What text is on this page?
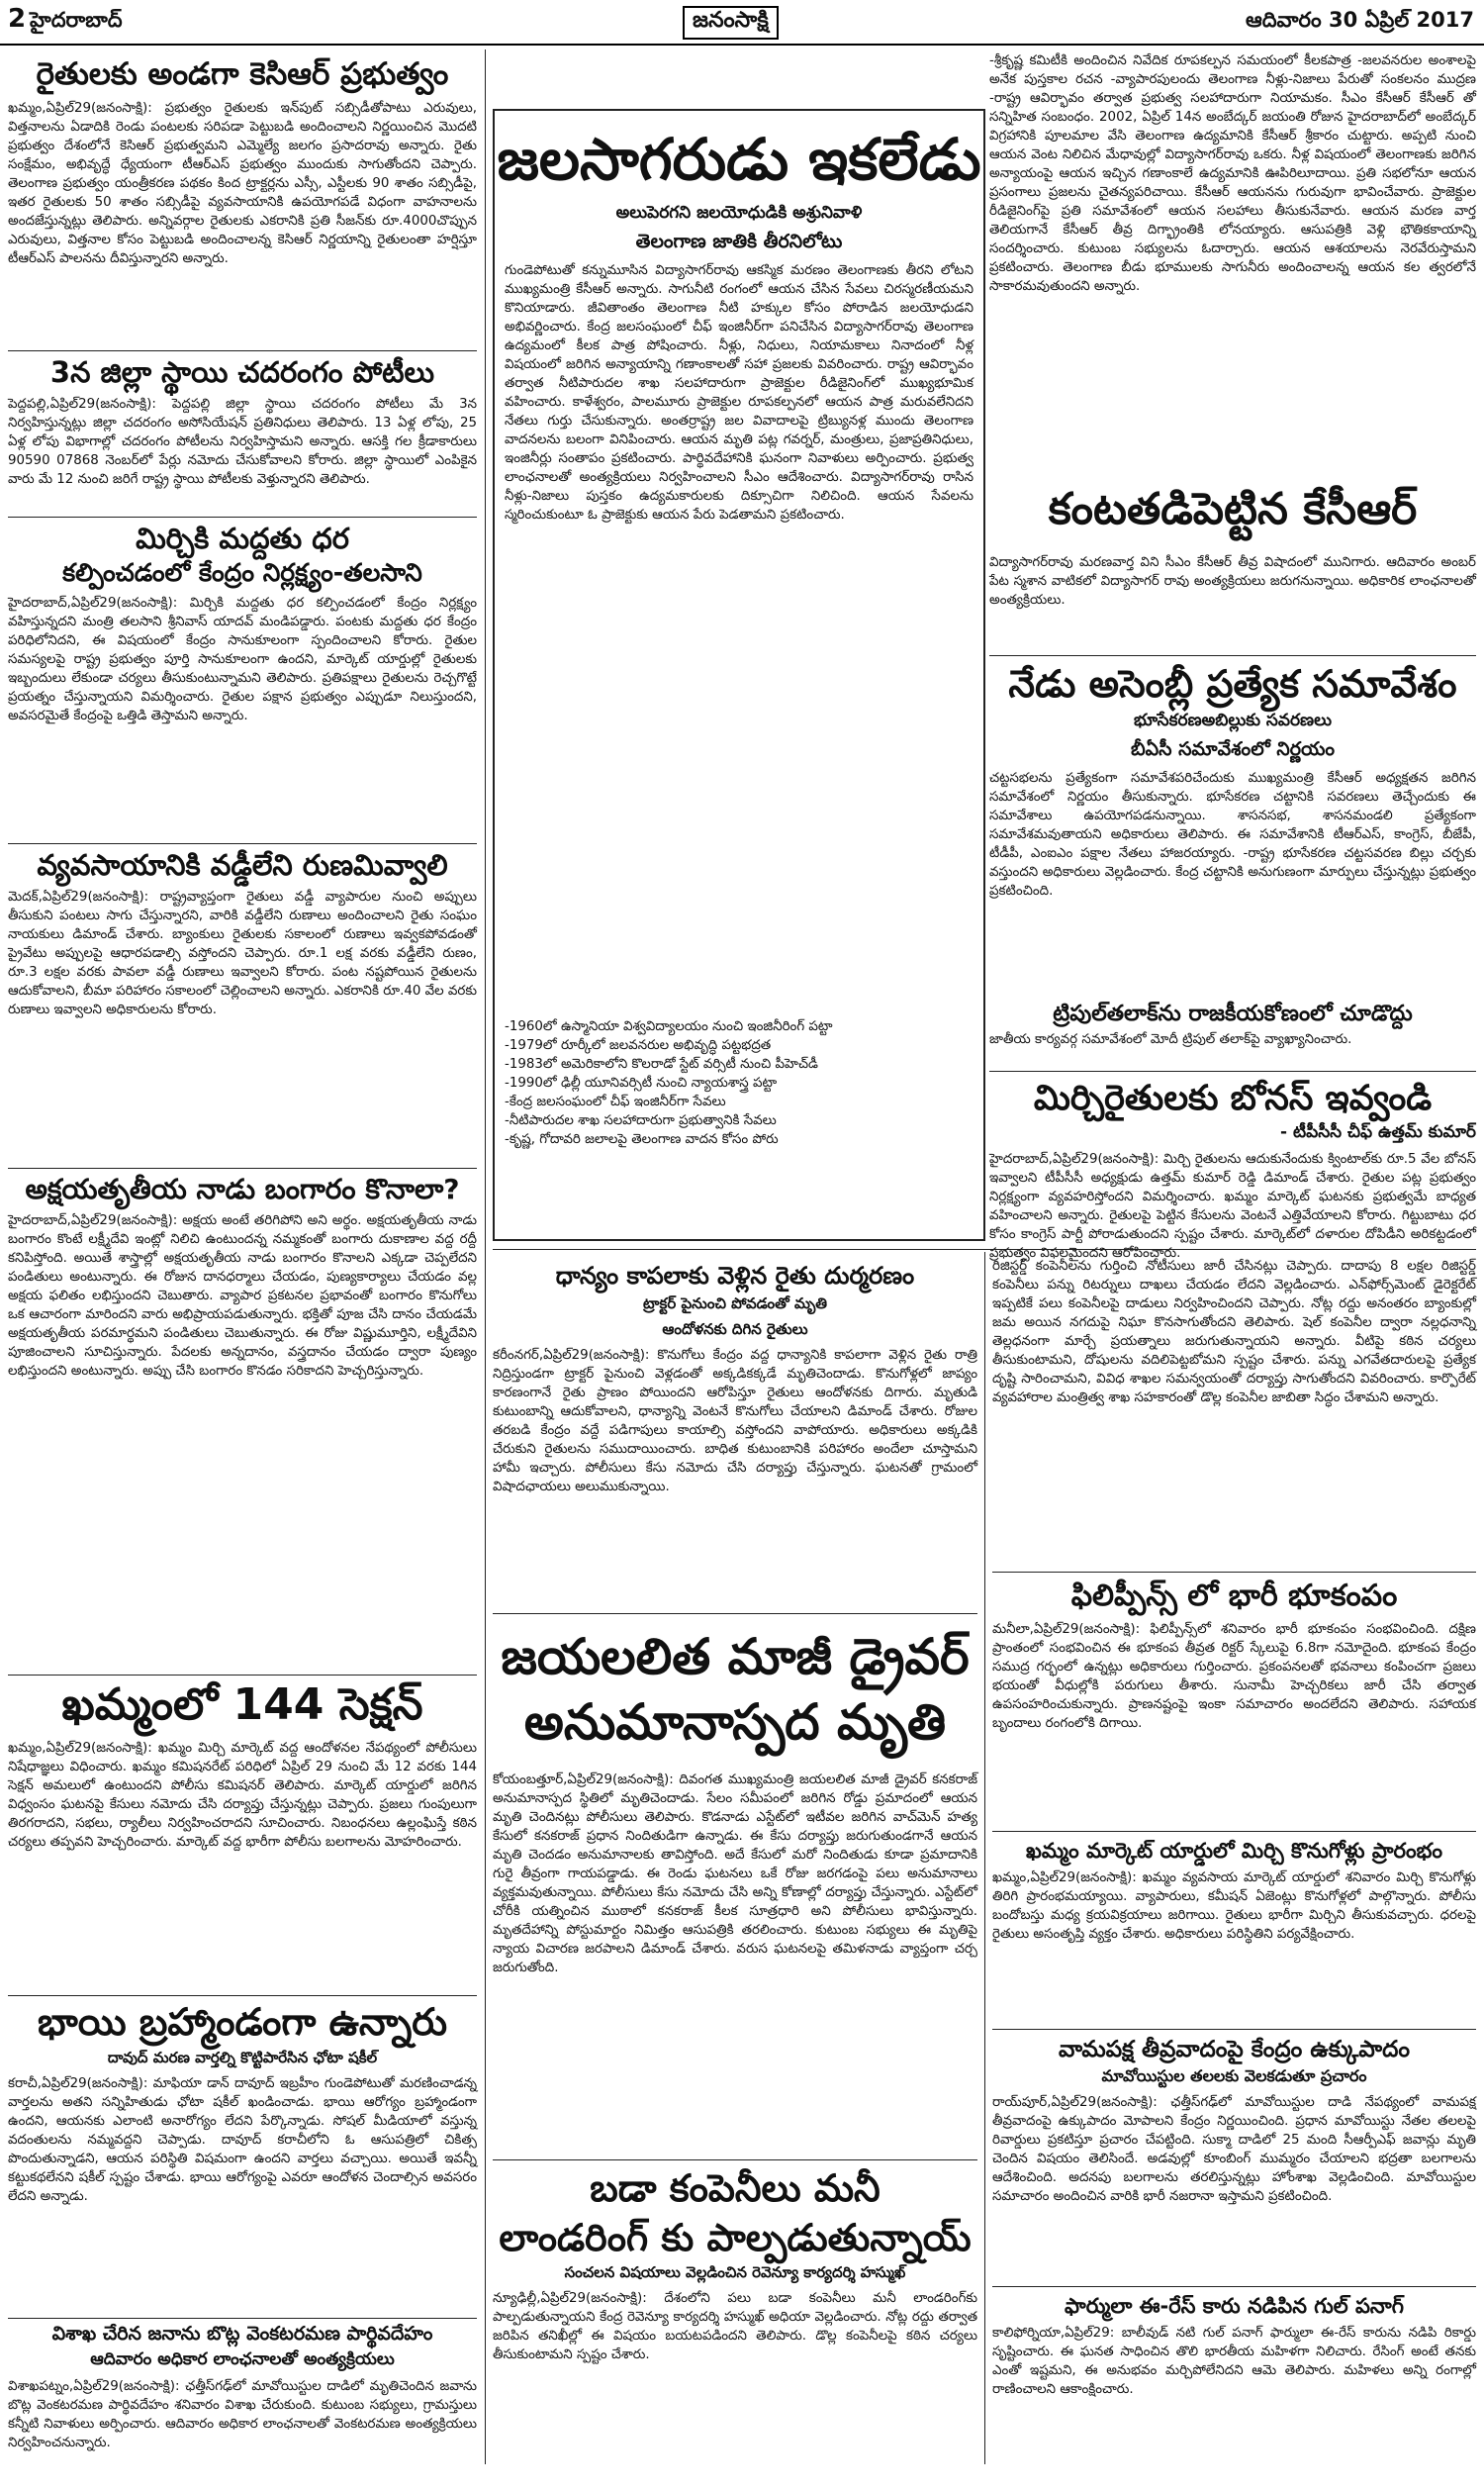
2 హైదరాబాద్	జనంసాక్షి	ఆదివారం 30 ఏప్రిల్ 2017
రైతులకు అండగా కెసిఆర్ ప్రభుత్వం

ఖమ్మం,ఏప్రిల్29(జనంసాక్షి): ప్రభుత్వం రైతులకు ఇన్‌పుట్ సబ్సిడీతోపాటు ఎరువులు, విత్తనాలను ఏడాదికి రెండు పంటలకు సరిపడా పెట్టుబడి అందించాలని నిర్ణయించిన మొదటి ప్రభుత్వం దేశంలోనే కెసిఆర్ ప్రభుత్వమని ఎమ్మెల్యే జలగం ప్రసాదరావు అన్నారు. రైతు సంక్షేమం, అభివృద్ధే ధ్యేయంగా టీఆర్‌ఎస్‌ ప్రభుత్వం ముందుకు సాగుతోందని చెప్పారు. తెలంగాణ ప్రభుత్వం యంత్రీకరణ పథకం కింద ట్రాక్టర్లను ఎస్సీ, ఎస్టీలకు 90 శాతం సబ్సిడీపై, ఇతర రైతులకు 50 శాతం సబ్సిడీపై వ్యవసాయానికి ఉపయోగపడే విధంగా వాహనాలను అందజేస్తున్నట్లు తెలిపారు. అన్నివర్గాల రైతులకు ఎకరానికి ప్రతి సీజన్‌కు రూ.4000చొప్పున ఎరువులు, విత్తనాల కోసం పెట్టుబడి అందించాలన్న కెసిఆర్ నిర్ణయాన్ని రైతులంతా హర్షిస్తూ టీఆర్‌ఎస్‌ పాలనను దీవిస్తున్నారని అన్నారు.

3న జిల్లా స్థాయి చదరంగం పోటీలు

పెద్దపల్లి,ఏప్రిల్29(జనంసాక్షి): పెద్దపల్లి జిల్లా స్థాయి చదరంగం పోటీలు మే 3న నిర్వహిస్తున్నట్లు జిల్లా చదరంగం అసోసియేషన్ ప్రతినిధులు తెలిపారు. 13 ఏళ్ల లోపు, 25 ఏళ్ల లోపు విభాగాల్లో చదరంగం పోటీలను నిర్వహిస్తామని అన్నారు. ఆసక్తి గల క్రీడాకారులు 90590 07868 నెంబర్‌లో పేర్లు నమోదు చేసుకోవాలని కోరారు. జిల్లా స్థాయిలో ఎంపికైన వారు మే 12 నుంచి జరిగే రాష్ట్ర స్థాయి పోటీలకు వెళ్తున్నారని తెలిపారు.

మిర్చికి మద్దతు ధర
కల్పించడంలో కేంద్రం నిర్లక్ష్యం-తలసాని

హైదరాబాద్,ఏప్రిల్29(జనంసాక్షి): మిర్చికి మద్దతు ధర కల్పించడంలో కేంద్రం నిర్లక్ష్యం వహిస్తున్నదని మంత్రి తలసాని శ్రీనివాస్ యాదవ్ మండిపడ్డారు. పంటకు మద్దతు ధర కేంద్రం పరిధిలోనిదని, ఈ విషయంలో కేంద్రం సానుకూలంగా స్పందించాలని కోరారు. రైతుల సమస్యలపై రాష్ట్ర ప్రభుత్వం పూర్తి సానుకూలంగా ఉందని, మార్కెట్‌ యార్డుల్లో రైతులకు ఇబ్బందులు లేకుండా చర్యలు తీసుకుంటున్నామని తెలిపారు. ప్రతిపక్షాలు రైతులను రెచ్చగొట్టే ప్రయత్నం చేస్తున్నాయని విమర్శించారు. రైతుల పక్షాన ప్రభుత్వం ఎప్పుడూ నిలుస్తుందని, అవసరమైతే కేంద్రంపై ఒత్తిడి తెస్తామని అన్నారు.

వ్యవసాయానికి వడ్డీలేని రుణమివ్వాలి

మెదక్,ఏప్రిల్29(జనంసాక్షి): రాష్ట్రవ్యాప్తంగా రైతులు వడ్డీ వ్యాపారుల నుంచి అప్పులు తీసుకుని పంటలు సాగు చేస్తున్నారని, వారికి వడ్డీలేని రుణాలు అందించాలని రైతు సంఘం నాయకులు డిమాండ్ చేశారు. బ్యాంకులు రైతులకు సకాలంలో రుణాలు ఇవ్వకపోవడంతో ప్రైవేటు అప్పులపై ఆధారపడాల్సి వస్తోందని చెప్పారు. రూ.1 లక్ష వరకు వడ్డీలేని రుణం, రూ.3 లక్షల వరకు పావలా వడ్డీ రుణాలు ఇవ్వాలని కోరారు. పంట నష్టపోయిన రైతులను ఆదుకోవాలని, బీమా పరిహారం సకాలంలో చెల్లించాలని అన్నారు. ఎకరానికి రూ.40 వేల వరకు రుణాలు ఇవ్వాలని అధికారులను కోరారు.

అక్షయతృతీయ నాడు బంగారం కొనాలా?

హైదరాబాద్,ఏప్రిల్29(జనంసాక్షి): అక్షయ అంటే తరిగిపోని అని అర్థం. అక్షయతృతీయ నాడు బంగారం కొంటే లక్ష్మీదేవి ఇంట్లో నిలిచి ఉంటుందన్న నమ్మకంతో బంగారు దుకాణాల వద్ద రద్దీ కనిపిస్తోంది. అయితే శాస్త్రాల్లో అక్షయతృతీయ నాడు బంగారం కొనాలని ఎక్కడా చెప్పలేదని పండితులు అంటున్నారు. ఈ రోజున దానధర్మాలు చేయడం, పుణ్యకార్యాలు చేయడం వల్ల అక్షయ ఫలితం లభిస్తుందని చెబుతారు. వ్యాపార ప్రకటనల ప్రభావంతో బంగారం కొనుగోలు ఒక ఆచారంగా మారిందని వారు అభిప్రాయపడుతున్నారు. భక్తితో పూజ చేసి దానం చేయడమే అక్షయతృతీయ పరమార్థమని పండితులు చెబుతున్నారు. ఈ రోజు విష్ణుమూర్తిని, లక్ష్మీదేవిని పూజించాలని సూచిస్తున్నారు. పేదలకు అన్నదానం, వస్త్రదానం చేయడం ద్వారా పుణ్యం లభిస్తుందని అంటున్నారు. అప్పు చేసి బంగారం కొనడం సరికాదని హెచ్చరిస్తున్నారు.

ఖమ్మంలో 144 సెక్షన్

ఖమ్మం,ఏప్రిల్29(జనంసాక్షి): ఖమ్మం మిర్చి మార్కెట్ వద్ద ఆందోళనల నేపథ్యంలో పోలీసులు నిషేధాజ్ఞలు విధించారు. ఖమ్మం కమిషనరేట్ పరిధిలో ఏప్రిల్ 29 నుంచి మే 12 వరకు 144 సెక్షన్ అమలులో ఉంటుందని పోలీసు కమిషనర్ తెలిపారు. మార్కెట్ యార్డులో జరిగిన విధ్వంసం ఘటనపై కేసులు నమోదు చేసి దర్యాప్తు చేస్తున్నట్లు చెప్పారు. ప్రజలు గుంపులుగా తిరగరాదని, సభలు, ర్యాలీలు నిర్వహించరాదని సూచించారు. నిబంధనలు ఉల్లంఘిస్తే కఠిన చర్యలు తప్పవని హెచ్చరించారు. మార్కెట్ వద్ద భారీగా పోలీసు బలగాలను మోహరించారు.

భాయి బ్రహ్మాండంగా ఉన్నారు
దావుద్ మరణ వార్తల్ని కొట్టిపారేసిన ఛోటా షకీల్

కరాచీ,ఏప్రిల్29(జనంసాక్షి): మాఫియా డాన్ దావూద్ ఇబ్రహీం గుండెపోటుతో మరణించాడన్న వార్తలను అతని సన్నిహితుడు ఛోటా షకీల్ ఖండించాడు. భాయి ఆరోగ్యం బ్రహ్మాండంగా ఉందని, ఆయనకు ఎలాంటి అనారోగ్యం లేదని పేర్కొన్నాడు. సోషల్ మీడియాలో వస్తున్న వదంతులను నమ్మవద్దని చెప్పాడు. దావూద్ కరాచీలోని ఓ ఆసుపత్రిలో చికిత్స పొందుతున్నాడని, ఆయన పరిస్థితి విషమంగా ఉందని వార్తలు వచ్చాయి. అయితే ఇవన్నీ కట్టుకథలేనని షకీల్ స్పష్టం చేశాడు. భాయి ఆరోగ్యంపై ఎవరూ ఆందోళన చెందాల్సిన అవసరం లేదని అన్నాడు.

విశాఖ చేరిన జనాను బొట్ల వెంకటరమణ పార్థివదేహం
ఆదివారం అధికార లాంఛనాలతో అంత్యక్రియలు

విశాఖపట్నం,ఏప్రిల్29(జనంసాక్షి): ఛత్తీస్‌గఢ్‌లో మావోయిస్టుల దాడిలో మృతిచెందిన జవాను బొట్ల వెంకటరమణ పార్థివదేహం శనివారం విశాఖ చేరుకుంది. కుటుంబ సభ్యులు, గ్రామస్తులు కన్నీటి నివాళులు అర్పించారు. ఆదివారం అధికార లాంఛనాలతో వెంకటరమణ అంత్యక్రియలు నిర్వహించనున్నారు.

జలసాగరుడు ఇకలేడు
అలుపెరగని జలయోధుడికి అశ్రునివాళి
తెలంగాణ జాతికి తీరనిలోటు

గుండెపోటుతో కన్నుమూసిన విద్యాసాగర్‌రావు ఆకస్మిక మరణం తెలంగాణకు తీరని లోటని ముఖ్యమంత్రి కేసీఆర్ అన్నారు. సాగునీటి రంగంలో ఆయన చేసిన సేవలు చిరస్మరణీయమని కొనియాడారు. జీవితాంతం తెలంగాణ నీటి హక్కుల కోసం పోరాడిన జలయోధుడని అభివర్ణించారు. కేంద్ర జలసంఘంలో చీఫ్ ఇంజినీర్‌గా పనిచేసిన విద్యాసాగర్‌రావు తెలంగాణ ఉద్యమంలో కీలక పాత్ర పోషించారు. నీళ్లు, నిధులు, నియామకాలు నినాదంలో నీళ్ల విషయంలో జరిగిన అన్యాయాన్ని గణాంకాలతో సహా ప్రజలకు వివరించారు. రాష్ట్ర ఆవిర్భావం తర్వాత నీటిపారుదల శాఖ సలహాదారుగా ప్రాజెక్టుల రీడిజైనింగ్‌లో ముఖ్యభూమిక వహించారు. కాళేశ్వరం, పాలమూరు ప్రాజెక్టుల రూపకల్పనలో ఆయన పాత్ర మరువలేనిదని నేతలు గుర్తు చేసుకున్నారు. అంతర్రాష్ట్ర జల వివాదాలపై ట్రిబ్యునళ్ల ముందు తెలంగాణ వాదనలను బలంగా వినిపించారు. ఆయన మృతి పట్ల గవర్నర్, మంత్రులు, ప్రజాప్రతినిధులు, ఇంజినీర్లు సంతాపం ప్రకటించారు. పార్థివదేహానికి ఘనంగా నివాళులు అర్పించారు. ప్రభుత్వ లాంఛనాలతో అంత్యక్రియలు నిర్వహించాలని సీఎం ఆదేశించారు. విద్యాసాగర్‌రావు రాసిన నీళ్లు-నిజాలు పుస్తకం ఉద్యమకారులకు దిక్సూచిగా నిలిచింది. ఆయన సేవలను స్మరించుకుంటూ ఓ ప్రాజెక్టుకు ఆయన పేరు పెడతామని ప్రకటించారు.

-1960లో ఉస్మానియా విశ్వవిద్యాలయం నుంచి ఇంజినీరింగ్ పట్టా
-1979లో రూర్కీలో జలవనరుల అభివృద్ధి పట్టభద్రత
-1983లో అమెరికాలోని కొలరాడో స్టేట్ వర్సిటీ నుంచి పీహెచ్‌డీ
-1990లో ఢిల్లీ యూనివర్సిటీ నుంచి న్యాయశాస్త్ర పట్టా
-కేంద్ర జలసంఘంలో చీఫ్ ఇంజినీర్‌గా సేవలు
-నీటిపారుదల శాఖ సలహాదారుగా ప్రభుత్వానికి సేవలు
-కృష్ణ, గోదావరి జలాలపై తెలంగాణ వాదన కోసం పోరు

-శ్రీకృష్ణ కమిటీకి అందించిన నివేదిక రూపకల్పన సమయంలో కీలకపాత్ర -జలవనరుల అంశాలపై అనేక పుస్తకాల రచన -వ్యాపారపులందు తెలంగాణ నీళ్లు-నిజాలు పేరుతో సంకలనం ముద్రణ -రాష్ట్ర ఆవిర్భావం తర్వాత ప్రభుత్వ సలహాదారుగా నియామకం. సీఎం కేసీఆర్ కేసీఆర్ తో సన్నిహిత సంబంధం. 2002, ఏప్రిల్ 14న అంబేద్కర్ జయంతి రోజున హైదరాబాద్‌లో అంబేద్కర్ విగ్రహానికి పూలమాల వేసి తెలంగాణ ఉద్యమానికి కేసీఆర్ శ్రీకారం చుట్టారు. అప్పటి నుంచి ఆయన వెంట నిలిచిన మేధావుల్లో విద్యాసాగర్‌రావు ఒకరు. నీళ్ల విషయంలో తెలంగాణకు జరిగిన అన్యాయంపై ఆయన ఇచ్చిన గణాంకాలే ఉద్యమానికి ఊపిరిలూదాయి. ప్రతి సభలోనూ ఆయన ప్రసంగాలు ప్రజలను చైతన్యపరిచాయి. కేసీఆర్ ఆయనను గురువుగా భావించేవారు. ప్రాజెక్టుల రీడిజైనింగ్‌పై ప్రతి సమావేశంలో ఆయన సలహాలు తీసుకునేవారు. ఆయన మరణ వార్త తెలియగానే కేసీఆర్ తీవ్ర దిగ్భ్రాంతికి లోనయ్యారు. ఆసుపత్రికి వెళ్లి భౌతికకాయాన్ని సందర్శించారు. కుటుంబ సభ్యులను ఓదార్చారు. ఆయన ఆశయాలను నెరవేరుస్తామని ప్రకటించారు. తెలంగాణ బీడు భూములకు సాగునీరు అందించాలన్న ఆయన కల త్వరలోనే సాకారమవుతుందని అన్నారు.

కంటతడిపెట్టిన కేసీఆర్

విద్యాసాగర్‌రావు మరణవార్త విని సీఎం కేసీఆర్ తీవ్ర విషాదంలో మునిగారు. ఆదివారం అంబర్ పేట స్మశాన వాటికలో విద్యాసాగర్ రావు అంత్యక్రియలు జరుగనున్నాయి. అధికారిక లాంఛనాలతో అంత్యక్రియలు.

నేడు అసెంబ్లీ ప్రత్యేక సమావేశం
భూసేకరణఅబిల్లుకు సవరణలు
బీఏసీ సమావేశంలో నిర్ణయం

చట్టసభలను ప్రత్యేకంగా సమావేశపరిచేందుకు ముఖ్యమంత్రి కేసీఆర్ అధ్యక్షతన జరిగిన సమావేశంలో నిర్ణయం తీసుకున్నారు. భూసేకరణ చట్టానికి సవరణలు తెచ్చేందుకు ఈ సమావేశాలు ఉపయోగపడనున్నాయి. శాసనసభ, శాసనమండలి ప్రత్యేకంగా సమావేశమవుతాయని అధికారులు తెలిపారు. ఈ సమావేశానికి టీఆర్‌ఎస్, కాంగ్రెస్, బీజేపీ, టీడీపీ, ఎంఐఎం పక్షాల నేతలు హాజరయ్యారు. -రాష్ట్ర భూసేకరణ చట్టసవరణ బిల్లు చర్చకు వస్తుందని అధికారులు వెల్లడించారు. కేంద్ర చట్టానికి అనుగుణంగా మార్పులు చేస్తున్నట్లు ప్రభుత్వం ప్రకటించింది.

ట్రిపుల్‌తలాక్‌ను రాజకీయకోణంలో చూడొద్దు

జాతీయ కార్యవర్గ సమావేశంలో మోదీ ట్రిపుల్ తలాక్‌పై వ్యాఖ్యానించారు.

మిర్చిరైతులకు బోనస్ ఇవ్వండి
- టీపీసీసీ చీఫ్ ఉత్తమ్ కుమార్

హైదరాబాద్,ఏప్రిల్29(జనంసాక్షి): మిర్చి రైతులను ఆదుకునేందుకు క్వింటాల్‌కు రూ.5 వేల బోనస్ ఇవ్వాలని టీపీసీసీ అధ్యక్షుడు ఉత్తమ్ కుమార్ రెడ్డి డిమాండ్ చేశారు. రైతుల పట్ల ప్రభుత్వం నిర్లక్ష్యంగా వ్యవహరిస్తోందని విమర్శించారు. ఖమ్మం మార్కెట్ ఘటనకు ప్రభుత్వమే బాధ్యత వహించాలని అన్నారు. రైతులపై పెట్టిన కేసులను వెంటనే ఎత్తివేయాలని కోరారు. గిట్టుబాటు ధర కోసం కాంగ్రెస్ పార్టీ పోరాడుతుందని స్పష్టం చేశారు. మార్కెట్‌లో దళారుల దోపిడీని అరికట్టడంలో ప్రభుత్వం విఫలమైందని ఆరోపించారు.

ధాన్యం కాపలాకు వెళ్లిన రైతు దుర్మరణం
ట్రాక్టర్ పైనుంచి పోవడంతో మృతి
ఆందోళనకు దిగిన రైతులు

కరీంనగర్,ఏప్రిల్29(జనంసాక్షి): కొనుగోలు కేంద్రం వద్ద ధాన్యానికి కాపలాగా వెళ్లిన రైతు రాత్రి నిద్రిస్తుండగా ట్రాక్టర్ పైనుంచి వెళ్లడంతో అక్కడికక్కడే మృతిచెందాడు. కొనుగోళ్లలో జాప్యం కారణంగానే రైతు ప్రాణం పోయిందని ఆరోపిస్తూ రైతులు ఆందోళనకు దిగారు. మృతుడి కుటుంబాన్ని ఆదుకోవాలని, ధాన్యాన్ని వెంటనే కొనుగోలు చేయాలని డిమాండ్ చేశారు. రోజుల తరబడి కేంద్రం వద్దే పడిగాపులు కాయాల్సి వస్తోందని వాపోయారు. అధికారులు అక్కడికి చేరుకుని రైతులను సముదాయించారు. బాధిత కుటుంబానికి పరిహారం అందేలా చూస్తామని హామీ ఇచ్చారు. పోలీసులు కేసు నమోదు చేసి దర్యాప్తు చేస్తున్నారు. ఘటనతో గ్రామంలో విషాదఛాయలు అలుముకున్నాయి.

జయలలిత మాజీ డ్రైవర్
అనుమానాస్పద మృతి

కోయంబత్తూర్,ఏప్రిల్29(జనంసాక్షి): దివంగత ముఖ్యమంత్రి జయలలిత మాజీ డ్రైవర్ కనకరాజ్ అనుమానాస్పద స్థితిలో మృతిచెందాడు. సేలం సమీపంలో జరిగిన రోడ్డు ప్రమాదంలో ఆయన మృతి చెందినట్లు పోలీసులు తెలిపారు. కొడనాడు ఎస్టేట్‌లో ఇటీవల జరిగిన వాచ్‌మెన్ హత్య కేసులో కనకరాజ్ ప్రధాన నిందితుడిగా ఉన్నాడు. ఈ కేసు దర్యాప్తు జరుగుతుండగానే ఆయన మృతి చెందడం అనుమానాలకు తావిస్తోంది. అదే కేసులో మరో నిందితుడు కూడా ప్రమాదానికి గురై తీవ్రంగా గాయపడ్డాడు. ఈ రెండు ఘటనలు ఒకే రోజు జరగడంపై పలు అనుమానాలు వ్యక్తమవుతున్నాయి. పోలీసులు కేసు నమోదు చేసి అన్ని కోణాల్లో దర్యాప్తు చేస్తున్నారు. ఎస్టేట్‌లో చోరీకి యత్నించిన ముఠాలో కనకరాజ్ కీలక సూత్రధారి అని పోలీసులు భావిస్తున్నారు. మృతదేహాన్ని పోస్టుమార్టం నిమిత్తం ఆసుపత్రికి తరలించారు. కుటుంబ సభ్యులు ఈ మృతిపై న్యాయ విచారణ జరపాలని డిమాండ్ చేశారు. వరుస ఘటనలపై తమిళనాడు వ్యాప్తంగా చర్చ జరుగుతోంది.

బడా కంపెనీలు మనీ
లాండరింగ్ కు పాల్పడుతున్నాయ్
సంచలన విషయాలు వెల్లడించిన రెవెన్యూ కార్యదర్శి హస్ముఖ్

న్యూఢిల్లీ,ఏప్రిల్29(జనంసాక్షి): దేశంలోని పలు బడా కంపెనీలు మనీ లాండరింగ్‌కు పాల్పడుతున్నాయని కేంద్ర రెవెన్యూ కార్యదర్శి హస్ముఖ్ అధియా వెల్లడించారు. నోట్ల రద్దు తర్వాత జరిపిన తనిఖీల్లో ఈ విషయం బయటపడిందని తెలిపారు. డొల్ల కంపెనీలపై కఠిన చర్యలు తీసుకుంటామని స్పష్టం చేశారు.

రిజిస్టర్డ్ కంపెనీలను గుర్తించి నోటీసులు జారీ చేసినట్లు చెప్పారు. దాదాపు 8 లక్షల రిజిస్టర్డ్ కంపెనీలు పన్ను రిటర్నులు దాఖలు చేయడం లేదని వెల్లడించారు. ఎన్‌ఫోర్స్‌మెంట్ డైరెక్టరేట్ ఇప్పటికే పలు కంపెనీలపై దాడులు నిర్వహించిందని చెప్పారు. నోట్ల రద్దు అనంతరం బ్యాంకుల్లో జమ అయిన నగదుపై నిఘా కొనసాగుతోందని తెలిపారు. షెల్ కంపెనీల ద్వారా నల్లధనాన్ని తెల్లధనంగా మార్చే ప్రయత్నాలు జరుగుతున్నాయని అన్నారు. వీటిపై కఠిన చర్యలు తీసుకుంటామని, దోషులను వదిలిపెట్టబోమని స్పష్టం చేశారు. పన్ను ఎగవేతదారులపై ప్రత్యేక దృష్టి సారించామని, వివిధ శాఖల సమన్వయంతో దర్యాప్తు సాగుతోందని వివరించారు. కార్పొరేట్ వ్యవహారాల మంత్రిత్వ శాఖ సహకారంతో డొల్ల కంపెనీల జాబితా సిద్ధం చేశామని అన్నారు.

ఫిలిప్పీన్స్ లో భారీ భూకంపం

మనీలా,ఏప్రిల్29(జనంసాక్షి): ఫిలిప్పీన్స్‌లో శనివారం భారీ భూకంపం సంభవించింది. దక్షిణ ప్రాంతంలో సంభవించిన ఈ భూకంప తీవ్రత రిక్టర్ స్కేలుపై 6.8గా నమోదైంది. భూకంప కేంద్రం సముద్ర గర్భంలో ఉన్నట్లు అధికారులు గుర్తించారు. ప్రకంపనలతో భవనాలు కంపించగా ప్రజలు భయంతో వీధుల్లోకి పరుగులు తీశారు. సునామీ హెచ్చరికలు జారీ చేసి తర్వాత ఉపసంహరించుకున్నారు. ప్రాణనష్టంపై ఇంకా సమాచారం అందలేదని తెలిపారు. సహాయక బృందాలు రంగంలోకి దిగాయి.

ఖమ్మం మార్కెట్ యార్డులో మిర్చి కొనుగోళ్లు ప్రారంభం

ఖమ్మం,ఏప్రిల్29(జనంసాక్షి): ఖమ్మం వ్యవసాయ మార్కెట్ యార్డులో శనివారం మిర్చి కొనుగోళ్లు తిరిగి ప్రారంభమయ్యాయి. వ్యాపారులు, కమీషన్ ఏజెంట్లు కొనుగోళ్లలో పాల్గొన్నారు. పోలీసు బందోబస్తు మధ్య క్రయవిక్రయాలు జరిగాయి. రైతులు భారీగా మిర్చిని తీసుకువచ్చారు. ధరలపై రైతులు అసంతృప్తి వ్యక్తం చేశారు. అధికారులు పరిస్థితిని పర్యవేక్షించారు.

వామపక్ష తీవ్రవాదంపై కేంద్రం ఉక్కుపాదం
మావోయిస్టుల తలలకు వెలకడుతూ ప్రచారం

రాయ్‌పూర్,ఏప్రిల్29(జనంసాక్షి): ఛత్తీస్‌గఢ్‌లో మావోయిస్టుల దాడి నేపథ్యంలో వామపక్ష తీవ్రవాదంపై ఉక్కుపాదం మోపాలని కేంద్రం నిర్ణయించింది. ప్రధాన మావోయిస్టు నేతల తలలపై రివార్డులు ప్రకటిస్తూ ప్రచారం చేపట్టింది. సుక్మా దాడిలో 25 మంది సీఆర్పీఎఫ్ జవాన్లు మృతి చెందిన విషయం తెలిసిందే. అడవుల్లో కూంబింగ్ ముమ్మరం చేయాలని భద్రతా బలగాలను ఆదేశించింది. అదనపు బలగాలను తరలిస్తున్నట్లు హోంశాఖ వెల్లడించింది. మావోయిస్టుల సమాచారం అందించిన వారికి భారీ నజరానా ఇస్తామని ప్రకటించింది.

ఫార్ములా ఈ-రేస్ కారు నడిపిన గుల్ పనాగ్

కాలిఫోర్నియా,ఏప్రిల్29: బాలీవుడ్ నటి గుల్ పనాగ్ ఫార్ములా ఈ-రేస్ కారును నడిపి రికార్డు సృష్టించారు. ఈ ఘనత సాధించిన తొలి భారతీయ మహిళగా నిలిచారు. రేసింగ్ అంటే తనకు ఎంతో ఇష్టమని, ఈ అనుభవం మర్చిపోలేనిదని ఆమె తెలిపారు. మహిళలు అన్ని రంగాల్లో రాణించాలని ఆకాంక్షించారు.
